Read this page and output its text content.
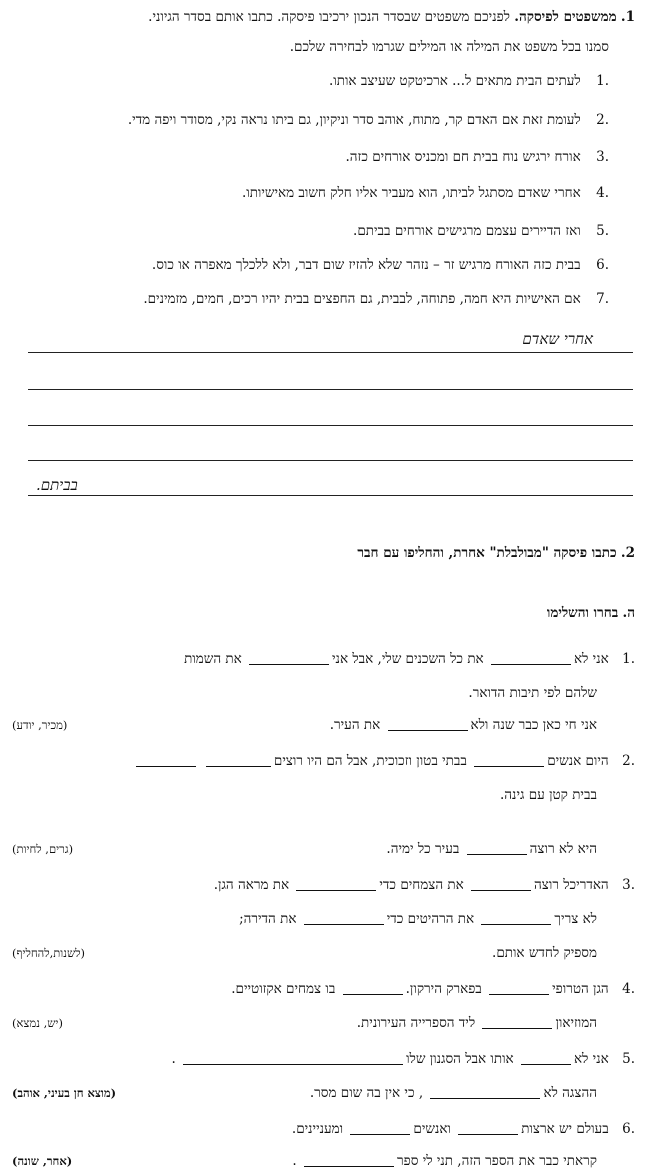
1. ממשפטים לפיסקה. לפניכם משפטים שבסדר הנכון ירכיבו פיסקה. כתבו אותם בסדר הגיוני.
סמנו בכל משפט את המילה או המילים שגרמו לבחירה שלכם.
.1 לעתים הבית מתאים ל... ארכיטקט שעיצב אותו.
.2 לעומת זאת אם האדם קר, מתוח, אוהב סדר וניקיון, גם ביתו נראה נקי, מסודר ויפה מדי.
.3 אורח ירגיש נוח בבית חם ומכניס אורחים כזה.
.4 אחרי שאדם מסתגל לביתו, הוא מעביר אליו חלק חשוב מאישיותו.
.5 ואז הדיירים עצמם מרגישים אורחים בביתם.
.6 בבית כזה האורח מרגיש זר – נזהר שלא להזיז שום דבר, ולא ללכלך מאפרה או כוס.
.7 אם האישיות היא חמה, פתוחה, לבבית, גם החפצים בבית יהיו רכים, חמים, מזמינים.
אחרי שאדם
בביתם.
2. כתבו פיסקה "מבולבלת" אחרת, והחליפו עם חבר
ה. בחרו והשלימו
.1 אני לא את כל השכנים שלי, אבל אני את השמות
שלהם לפי תיבות הדואר.
אני חי כאן כבר שנה ולא את העיר.
(מכיר, יודע)
.2 היום אנשים בבתי בטון וזכוכית, אבל הם היו רוצים
בבית קטן עם גינה.
היא לא רוצה בעיר כל ימיה.
(גרים, לחיות)
.3 האדריכל רוצה את הצמחים כדי את מראה הגן.
לא צריך את הרהיטים כדי את הדירה;
מספיק לחדש אותם.
(לשנות,להחליף)
.4 הגן הטרופי בפארק הירקון. בו צמחים אקזוטיים.
המוזיאון ליד הספרייה העירונית.
(יש, נמצא)
.5 אני לא אותו אבל הסגנון שלו .
ההצגה לא , כי אין בה שום מסר.
(מוצא חן בעיני, אוהב)
.6 בעולם יש ארצות ואנשים ומעניינים.
קראתי כבר את הספר הזה, תני לי ספר .
(אחר, שונה)
